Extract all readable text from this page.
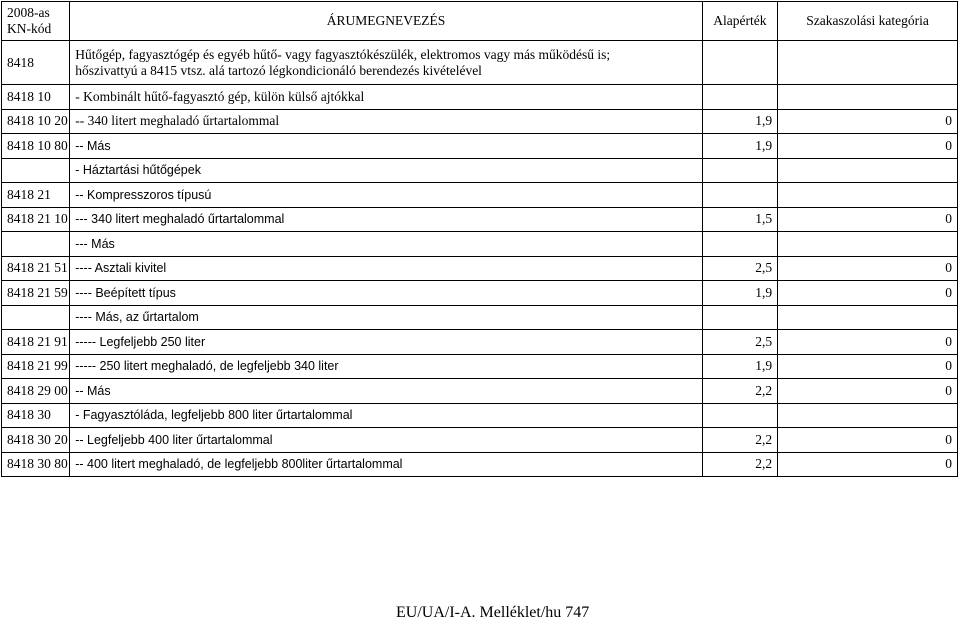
2008-as
KN-kód	ÁRUMEGNEVEZÉS	Alapérték	Szakaszolási kategória
8418	Hűtőgép, fagyasztógép és egyéb hűtő- vagy fagyasztókészülék, elektromos vagy más működésű is;
hőszivattyú a 8415 vtsz. alá tartozó légkondicionáló berendezés kivételével		
8418 10	- Kombinált hűtő-fagyasztó gép, külön külső ajtókkal		
8418 10 20	-- 340 litert meghaladó űrtartalommal	1,9	0
8418 10 80	-- Más	1,9	0
	- Háztartási hűtőgépek		
8418 21	-- Kompresszoros típusú		
8418 21 10	--- 340 litert meghaladó űrtartalommal	1,5	0
	--- Más		
8418 21 51	---- Asztali kivitel	2,5	0
8418 21 59	---- Beépített típus	1,9	0
	---- Más, az űrtartalom		
8418 21 91	----- Legfeljebb 250 liter	2,5	0
8418 21 99	----- 250 litert meghaladó, de legfeljebb 340 liter	1,9	0
8418 29 00	-- Más	2,2	0
8418 30	- Fagyasztóláda, legfeljebb 800 liter űrtartalommal		
8418 30 20	-- Legfeljebb 400 liter űrtartalommal	2,2	0
8418 30 80	-- 400 litert meghaladó, de legfeljebb 800liter űrtartalommal	2,2	0
EU/UA/I-A. Melléklet/hu 747
